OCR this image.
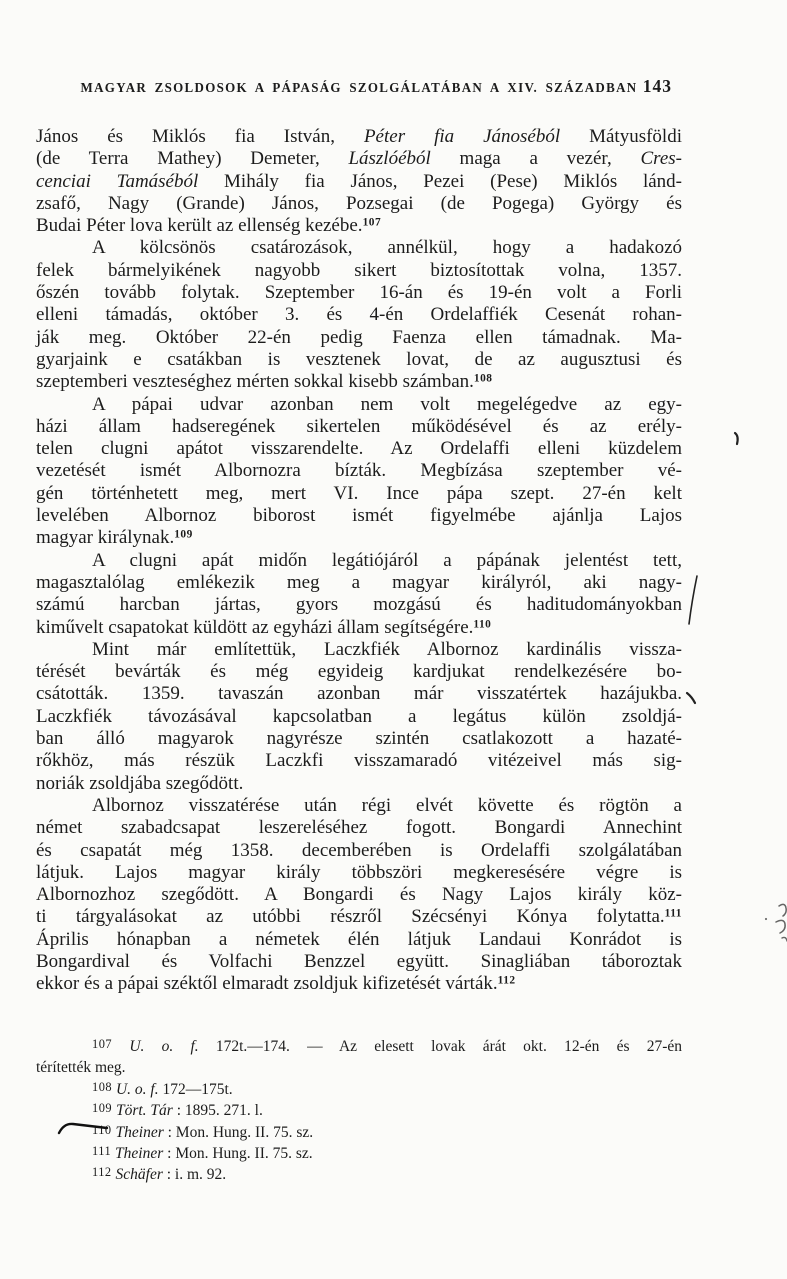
MAGYAR ZSOLDOSOK A PÁPASÁG SZOLGÁLATÁBAN A XIV. SZÁZADBAN 143
János és Miklós fia István, Péter fia Jánoséból Mátyusföldi
(de Terra Mathey) Demeter, Lászlóéból maga a vezér, Cres-
cenciai Tamáséból Mihály fia János, Pezei (Pese) Miklós lánd-
zsafő, Nagy (Grande) János, Pozsegai (de Pogega) György és
Budai Péter lova került az ellenség kezébe.$^{107}$
A kölcsönös csatározások, annélkül, hogy a hadakozó
felek bármelyikének nagyobb sikert biztosítottak volna, 1357.
őszén tovább folytak. Szeptember 16-án és 19-én volt a Forli
elleni támadás, október 3. és 4-én Ordelaffiék Cesenát rohan-
ják meg. Október 22-én pedig Faenza ellen támadnak. Ma-
gyarjaink e csatákban is vesztenek lovat, de az augusztusi és
szeptemberi veszteséghez mérten sokkal kisebb számban.$^{108}$
A pápai udvar azonban nem volt megelégedve az egy-
házi állam hadseregének sikertelen működésével és az erély-
telen clugni apátot visszarendelte. Az Ordelaffi elleni küzdelem
vezetését ismét Albornozra bízták. Megbízása szeptember vé-
gén történhetett meg, mert VI. Ince pápa szept. 27-én kelt
levelében Albornoz biborost ismét figyelmébe ajánlja Lajos
magyar királynak.$^{109}$
A clugni apát midőn legátiójáról a pápának jelentést tett,
magasztalólag emlékezik meg a magyar királyról, aki nagy-
számú harcban jártas, gyors mozgású és haditudományokban
kiművelt csapatokat küldött az egyházi állam segítségére.$^{110}$
Mint már említettük, Laczkfiék Albornoz kardinális vissza-
térését bevárták és még egyideig kardjukat rendelkezésére bo-
csátották. 1359. tavaszán azonban már visszatértek hazájukba.
Laczkfiék távozásával kapcsolatban a legátus külön zsoldjá-
ban álló magyarok nagyrésze szintén csatlakozott a hazaté-
rőkhöz, más részük Laczkfi visszamaradó vitézeivel más sig-
noriák zsoldjába szegődött.
Albornoz visszatérése után régi elvét követte és rögtön a
német szabadcsapat leszereléséhez fogott. Bongardi Annechint
és csapatát még 1358. decemberében is Ordelaffi szolgálatában
látjuk. Lajos magyar király többszöri megkeresésére végre is
Albornozhoz szegődött. A Bongardi és Nagy Lajos király köz-
ti tárgyalásokat az utóbbi részről Szécsényi Kónya folytatta.$^{111}$
Április hónapban a németek élén látjuk Landaui Konrádot is
Bongardival és Volfachi Benzzel együtt. Sinagliában táboroztak
ekkor és a pápai széktől elmaradt zsoldjuk kifizetését várták.$^{112}$
$^{107}$ U. o. f. 172t.—174. — Az elesett lovak árát okt. 12-én és 27-én
térítették meg.
$^{108}$ U. o. f. 172—175t.
$^{109}$ Tört. Tár : 1895. 271. l.
$^{110}$ Theiner : Mon. Hung. II. 75. sz.
$^{111}$ Theiner : Mon. Hung. II. 75. sz.
$^{112}$ Schäfer : i. m. 92.
